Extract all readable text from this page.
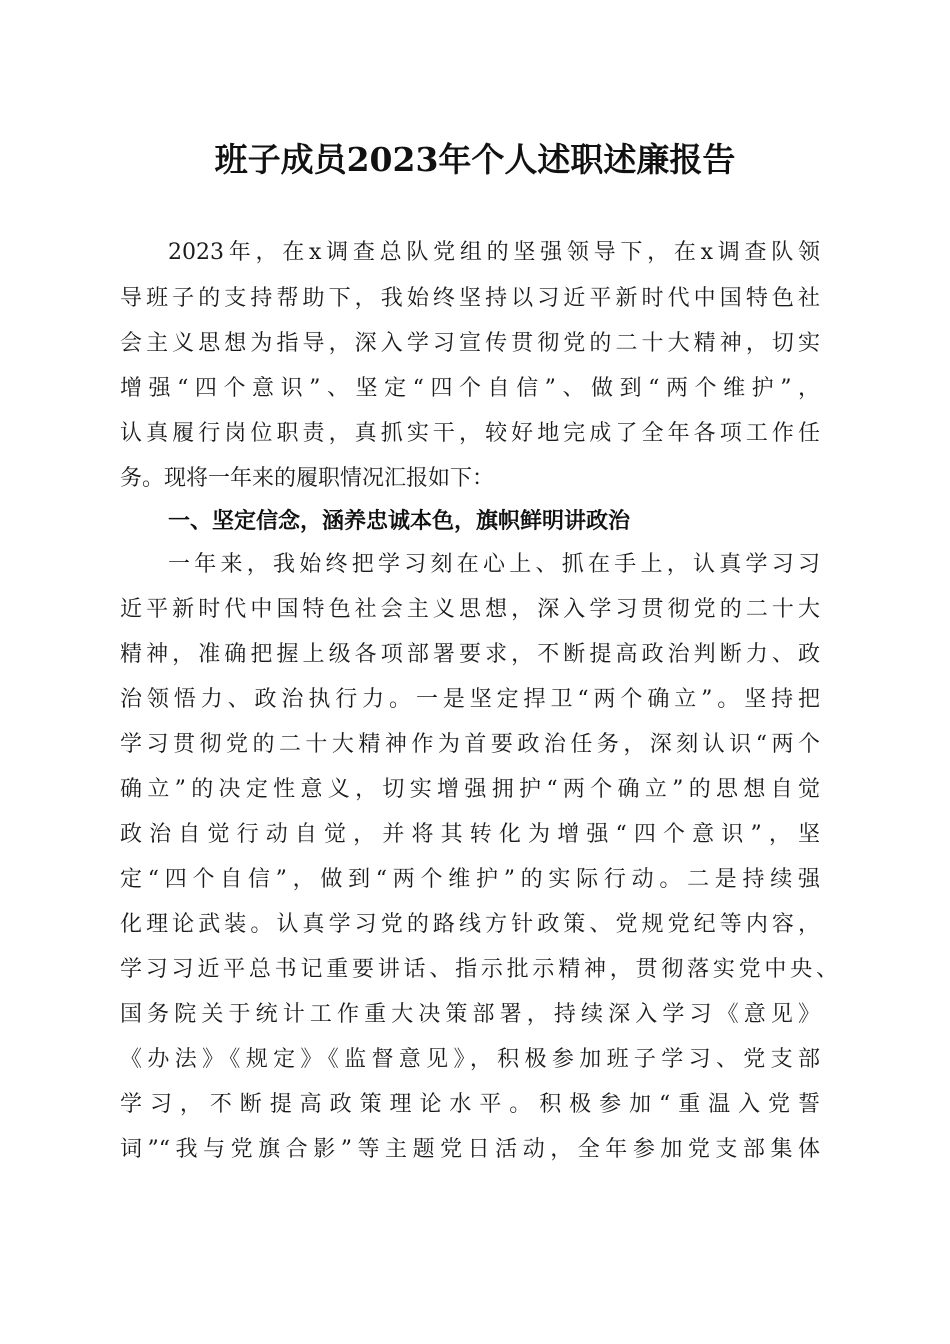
班子成员2023年个人述职述廉报告
2023年，在x调查总队党组的坚强领导下，在x调查队领
导班子的支持帮助下，我始终坚持以习近平新时代中国特色社
会主义思想为指导，深入学习宣传贯彻党的二十大精神，切实
增强“四个意识”、坚定“四个自信”、做到“两个维护”，
认真履行岗位职责，真抓实干，较好地完成了全年各项工作任
务。现将一年来的履职情况汇报如下：
一、坚定信念，涵养忠诚本色，旗帜鲜明讲政治
一年来，我始终把学习刻在心上、抓在手上，认真学习习
近平新时代中国特色社会主义思想，深入学习贯彻党的二十大
精神，准确把握上级各项部署要求，不断提高政治判断力、政
治领悟力、政治执行力。一是坚定捍卫“两个确立”。坚持把
学习贯彻党的二十大精神作为首要政治任务，深刻认识“两个
确立”的决定性意义，切实增强拥护“两个确立”的思想自觉
政治自觉行动自觉，并将其转化为增强“四个意识”，坚
定“四个自信”，做到“两个维护”的实际行动。二是持续强
化理论武装。认真学习党的路线方针政策、党规党纪等内容，
学习习近平总书记重要讲话、指示批示精神，贯彻落实党中央、
国务院关于统计工作重大决策部署，持续深入学习《意见》
《办法》《规定》《监督意见》，积极参加班子学习、党支部
学习，不断提高政策理论水平。积极参加“重温入党誓
词”“我与党旗合影”等主题党日活动，全年参加党支部集体
